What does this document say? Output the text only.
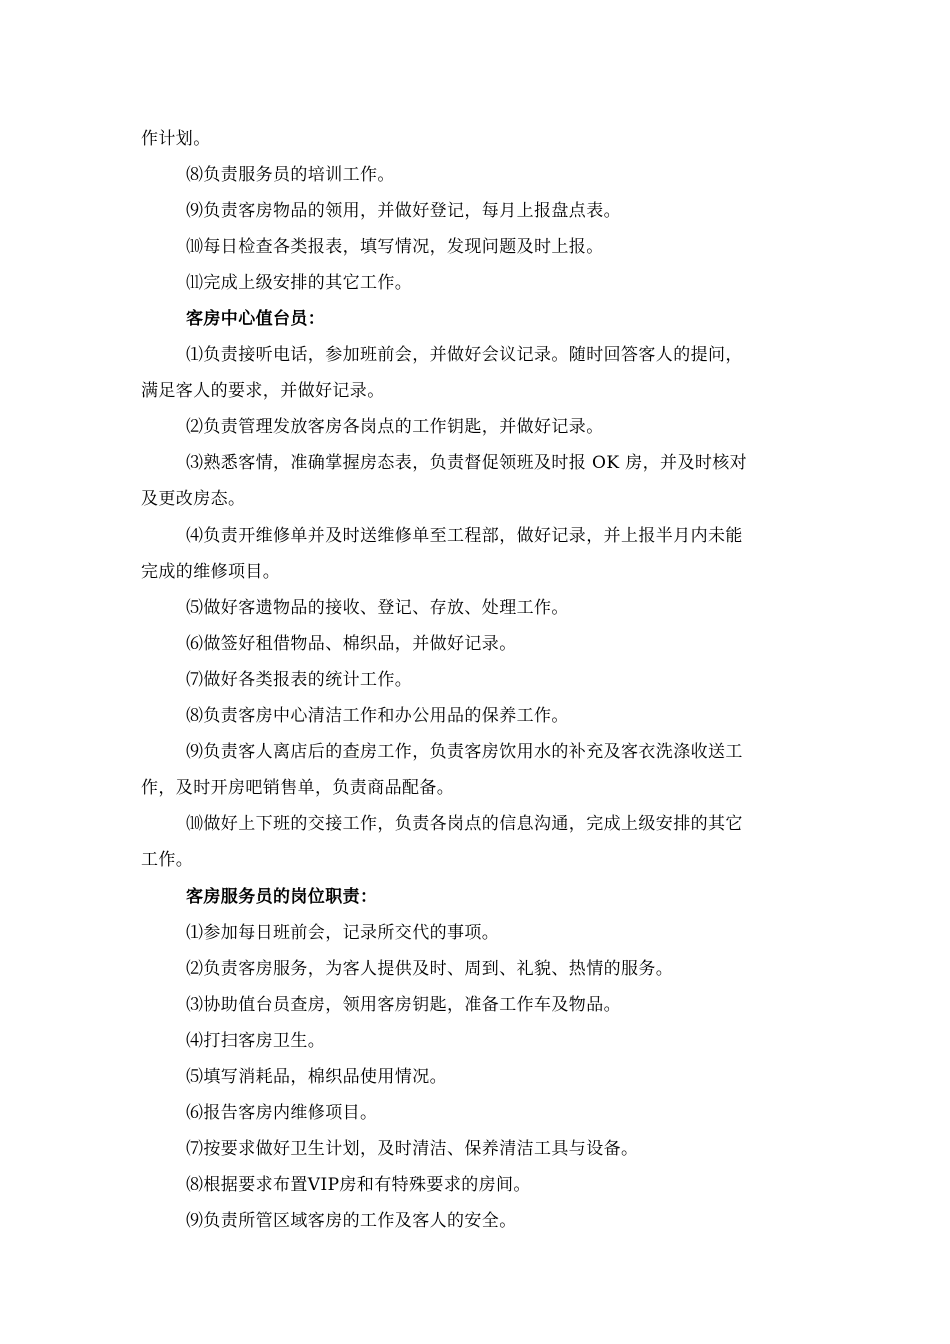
作计划。
⑻负责服务员的培训工作。
⑼负责客房物品的领用，并做好登记，每月上报盘点表。
⑽每日检查各类报表，填写情况，发现问题及时上报。
⑾完成上级安排的其它工作。
客房中心值台员：
⑴负责接听电话，参加班前会，并做好会议记录。随时回答客人的提问，
满足客人的要求，并做好记录。
⑵负责管理发放客房各岗点的工作钥匙，并做好记录。
⑶熟悉客情，准确掌握房态表，负责督促领班及时报 OK 房，并及时核对
及更改房态。
⑷负责开维修单并及时送维修单至工程部，做好记录，并上报半月内未能
完成的维修项目。
⑸做好客遗物品的接收、登记、存放、处理工作。
⑹做签好租借物品、棉织品，并做好记录。
⑺做好各类报表的统计工作。
⑻负责客房中心清洁工作和办公用品的保养工作。
⑼负责客人离店后的查房工作，负责客房饮用水的补充及客衣洗涤收送工
作，及时开房吧销售单，负责商品配备。
⑽做好上下班的交接工作，负责各岗点的信息沟通，完成上级安排的其它
工作。
客房服务员的岗位职责：
⑴参加每日班前会，记录所交代的事项。
⑵负责客房服务，为客人提供及时、周到、礼貌、热情的服务。
⑶协助值台员查房，领用客房钥匙，准备工作车及物品。
⑷打扫客房卫生。
⑸填写消耗品，棉织品使用情况。
⑹报告客房内维修项目。
⑺按要求做好卫生计划，及时清洁、保养清洁工具与设备。
⑻根据要求布置VIP房和有特殊要求的房间。
⑼负责所管区域客房的工作及客人的安全。
